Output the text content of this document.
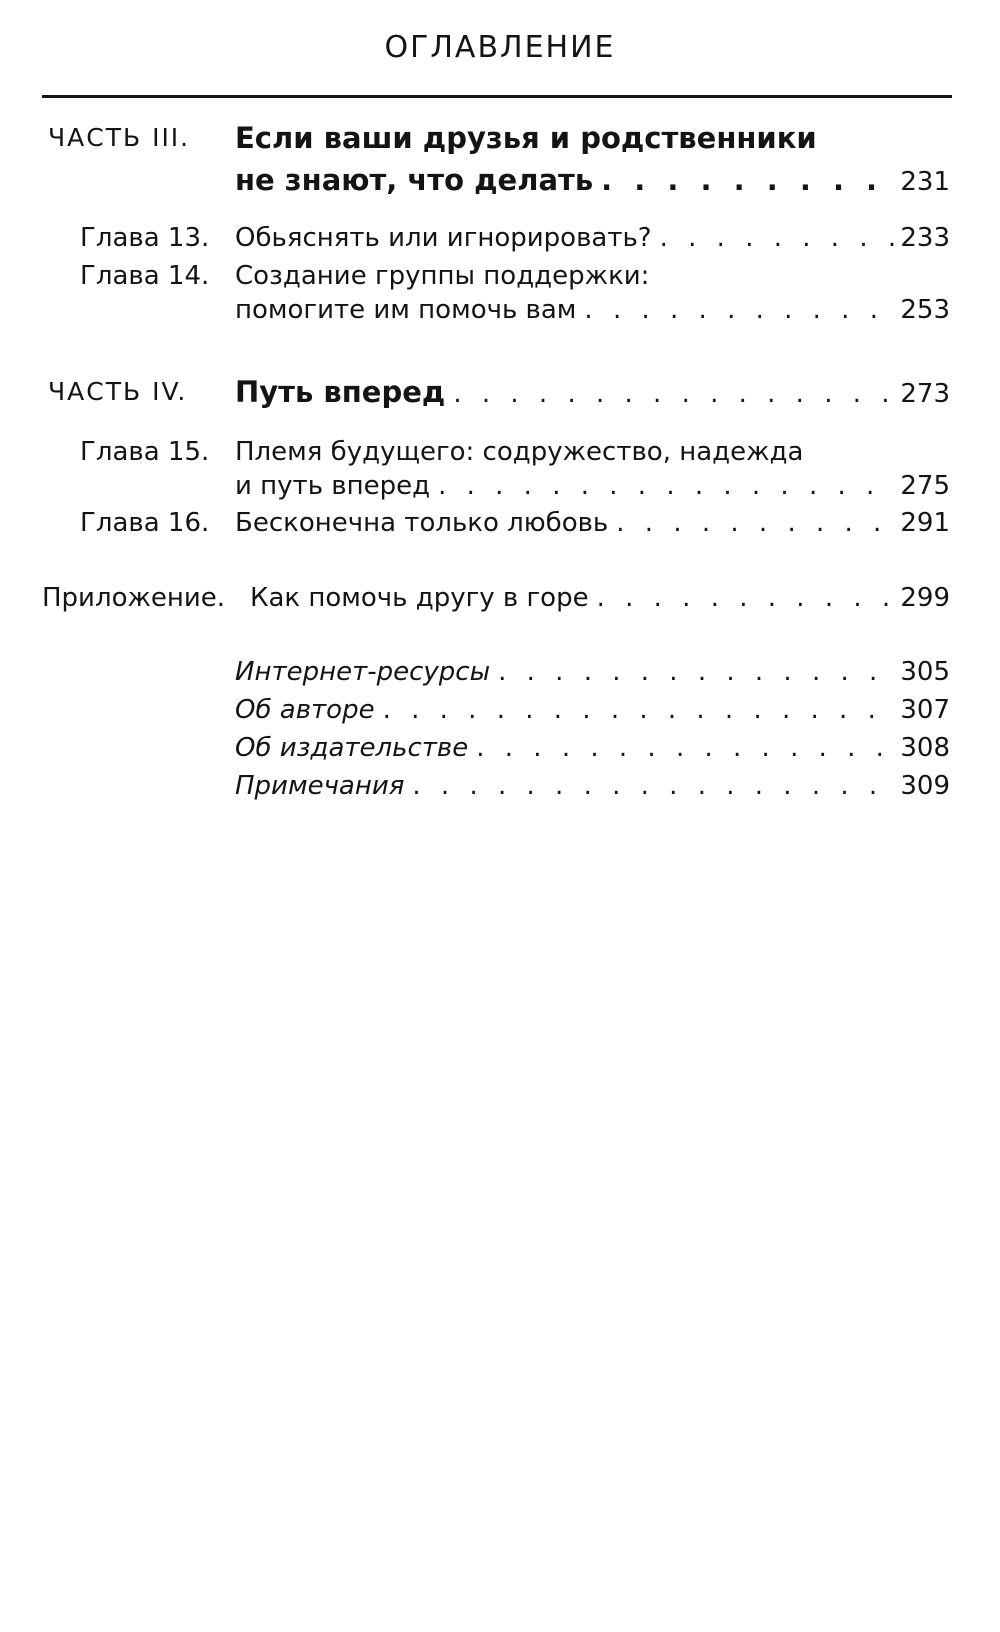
ОГЛАВЛЕНИЕ
ЧАСТЬ III. Если ваши друзья и родственники
не знают, что делать . . .	231
Глава 13. Обьяснять или игнорировать? . . .	233
Глава 14. Создание группы поддержки:
помогите им помочь вам . . .	253
ЧАСТЬ IV. Путь вперед . . .	273
Глава 15. Племя будущего: содружество, надежда
и путь вперед . . .	275
Глава 16. Бесконечна только любовь . . .	291
Приложение. Как помочь другу в горе . . .	299
Интернет-ресурсы . . .	305
Об авторе . . .	307
Об издательстве . . .	308
Примечания . . .	309
